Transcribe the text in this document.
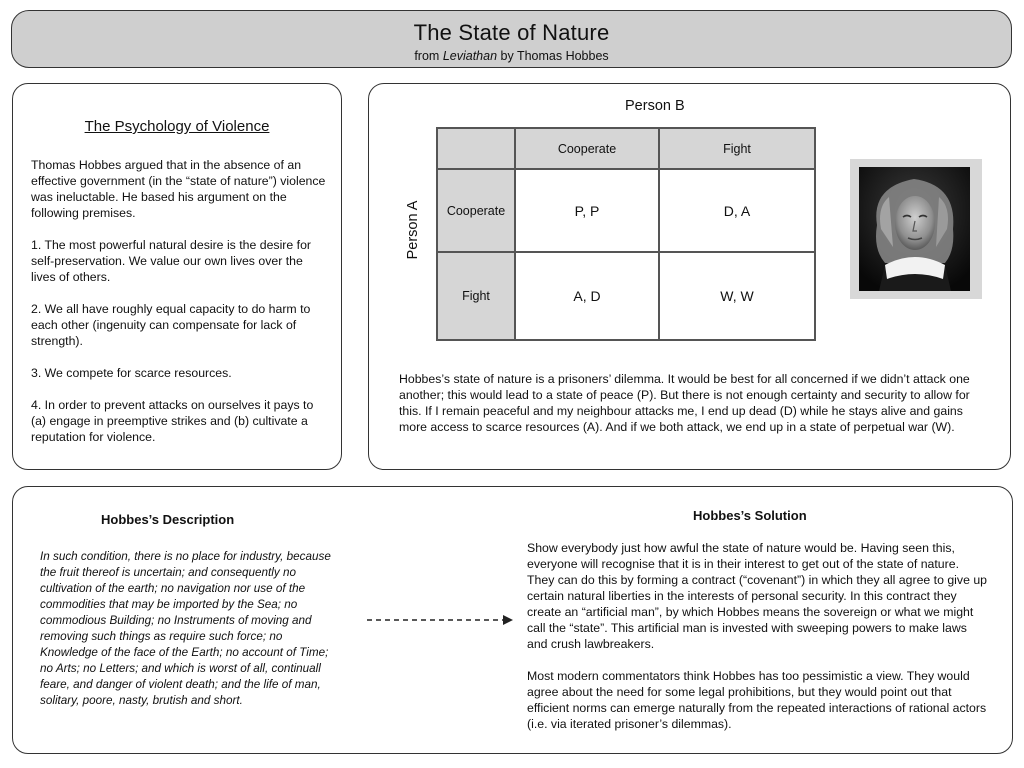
The State of Nature
from Leviathan by Thomas Hobbes
The Psychology of Violence

Thomas Hobbes argued that in the absence of an effective government (in the “state of nature”) violence was ineluctable. He based his argument on the following premises.

1. The most powerful natural desire is the desire for self-preservation. We value our own lives over the lives of others.

2. We all have roughly equal capacity to do harm to each other (ingenuity can compensate for lack of strength).

3. We compete for scarce resources.

4. In order to prevent attacks on ourselves it pays to (a) engage in preemptive strikes and (b) cultivate a reputation for violence.

Person B
Person A
	Cooperate	Fight
Cooperate	P, P	D, A
Fight	A, D	W, W
Hobbes’s state of nature is a prisoners’ dilemma. It would be best for all concerned if we didn’t attack one another; this would lead to a state of peace (P). But there is not enough certainty and security to allow for this. If I remain peaceful and my neighbour attacks me, I end up dead (D) while he stays alive and gains more access to scarce resources (A). And if we both attack, we end up in a state of perpetual war (W).
Hobbes’s Description
In such condition, there is no place for industry, because the fruit thereof is uncertain; and consequently no cultivation of the earth; no navigation nor use of the commodities that may be imported by the Sea; no commodious Building; no Instruments of moving and removing such things as require such force; no Knowledge of the face of the Earth; no account of Time; no Arts; no Letters; and which is worst of all, continuall feare, and danger of violent death; and the life of man, solitary, poore, nasty, brutish and short.
Hobbes’s Solution

Show everybody just how awful the state of nature would be. Having seen this, everyone will recognise that it is in their interest to get out of the state of nature. They can do this by forming a contract (“covenant”) in which they all agree to give up certain natural liberties in the interests of personal security. In this contract they create an “artificial man”, by which Hobbes means the sovereign or what we might call the “state”. This artificial man is invested with sweeping powers to make laws and crush lawbreakers.

Most modern commentators think Hobbes has too pessimistic a view. They would agree about the need for some legal prohibitions, but they would point out that efficient norms can emerge naturally from the repeated interactions of rational actors (i.e. via iterated prisoner’s dilemmas).
